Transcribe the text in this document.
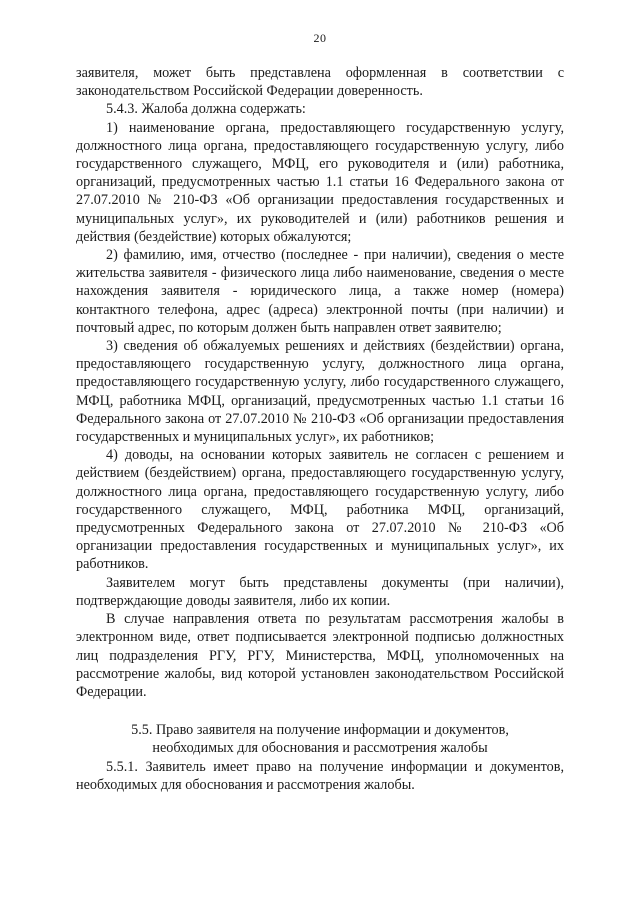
20

заявителя, может быть представлена оформленная в соответствии с законодательством Российской Федерации доверенность.

5.4.3. Жалоба должна содержать:

1) наименование органа, предоставляющего государственную услугу, должностного лица органа, предоставляющего государственную услугу, либо государственного служащего, МФЦ, его руководителя и (или) работника, организаций, предусмотренных частью 1.1 статьи 16 Федерального закона от 27.07.2010 № 210-ФЗ «Об организации предоставления государственных и муниципальных услуг», их руководителей и (или) работников решения и действия (бездействие) которых обжалуются;

2) фамилию, имя, отчество (последнее - при наличии), сведения о месте жительства заявителя - физического лица либо наименование, сведения о месте нахождения заявителя - юридического лица, а также номер (номера) контактного телефона, адрес (адреса) электронной почты (при наличии) и почтовый адрес, по которым должен быть направлен ответ заявителю;

3) сведения об обжалуемых решениях и действиях (бездействии) органа, предоставляющего государственную услугу, должностного лица органа, предоставляющего государственную услугу, либо государственного служащего, МФЦ, работника МФЦ, организаций, предусмотренных частью 1.1 статьи 16 Федерального закона от 27.07.2010 № 210-ФЗ «Об организации предоставления государственных и муниципальных услуг», их работников;

4) доводы, на основании которых заявитель не согласен с решением и действием (бездействием) органа, предоставляющего государственную услугу, должностного лица органа, предоставляющего государственную услугу, либо государственного служащего, МФЦ, работника МФЦ, организаций, предусмотренных Федерального закона от 27.07.2010 № 210-ФЗ «Об организации предоставления государственных и муниципальных услуг», их работников.

Заявителем могут быть представлены документы (при наличии), подтверждающие доводы заявителя, либо их копии.

В случае направления ответа по результатам рассмотрения жалобы в электронном виде, ответ подписывается электронной подписью должностных лиц подразделения РГУ, РГУ, Министерства, МФЦ, уполномоченных на рассмотрение жалобы, вид которой установлен законодательством Российской Федерации.

5.5. Право заявителя на получение информации и документов,
необходимых для обоснования и рассмотрения жалобы

5.5.1. Заявитель имеет право на получение информации и документов, необходимых для обоснования и рассмотрения жалобы.
